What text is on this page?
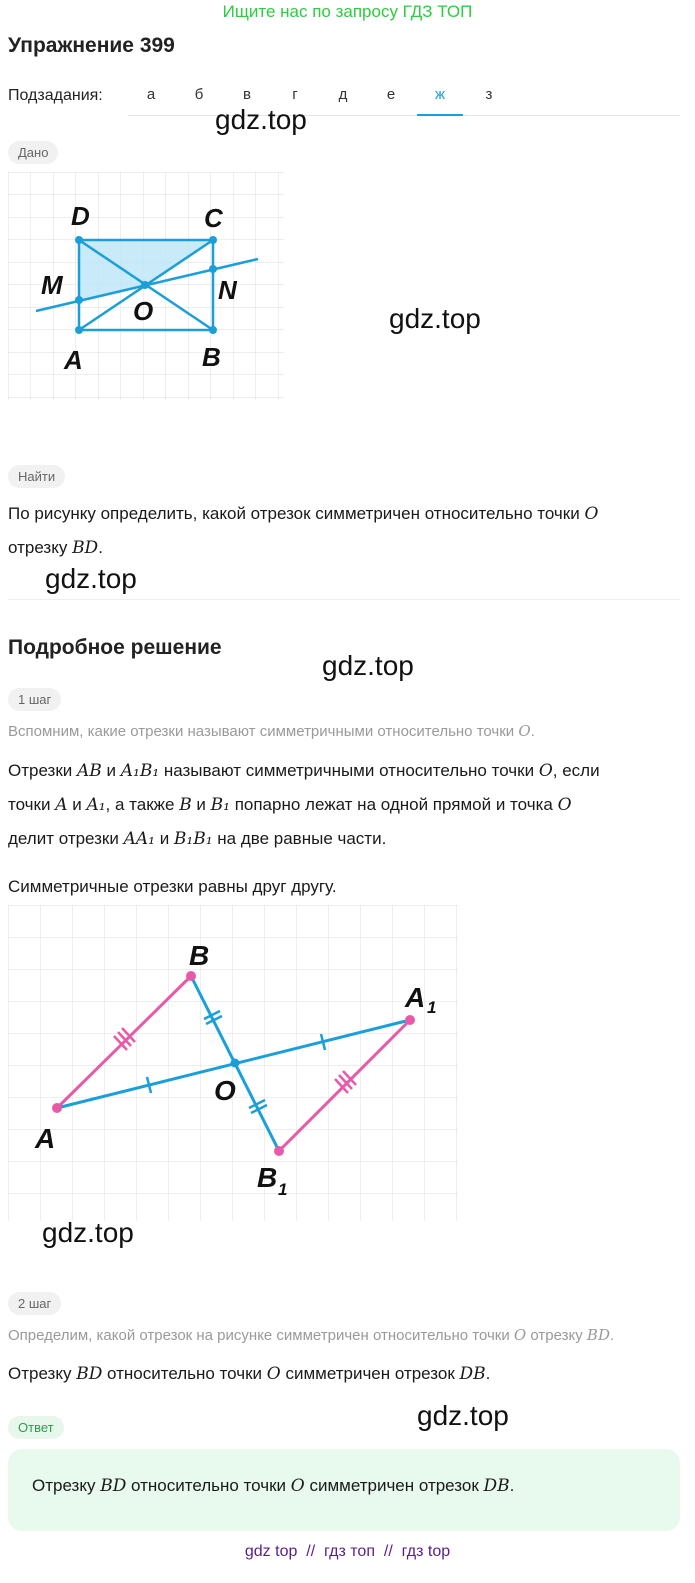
Ищите нас по запросу ГДЗ ТОП
Упражнение 399
Подзадания:	а	б	в	г	д	е	ж	з
gdz.top
Дано
D	C
M	N
O
A	B
gdz.top
Найти
По рисунку определить, какой отрезок симметричен относительно точки O
отрезку BD.
gdz.top
Подробное решение
gdz.top
1 шаг
Вспомним, какие отрезки называют симметричными относительно точки O.
Отрезки AB и A₁B₁ называют симметричными относительно точки O, если
точки A и A₁, а также B и B₁ попарно лежат на одной прямой и точка O
делит отрезки AA₁ и B₁B₁ на две равные части.
Симметричные отрезки равны друг другу.
A
B
O
A 1
B 1
gdz.top
2 шаг
Определим, какой отрезок на рисунке симметричен относительно точки O отрезку BD.
Отрезку BD относительно точки O симметричен отрезок DB.
gdz.top
Ответ
Отрезку BD относительно точки O симметричен отрезок DB.
gdz top  //  гдз топ  //  гдз top
